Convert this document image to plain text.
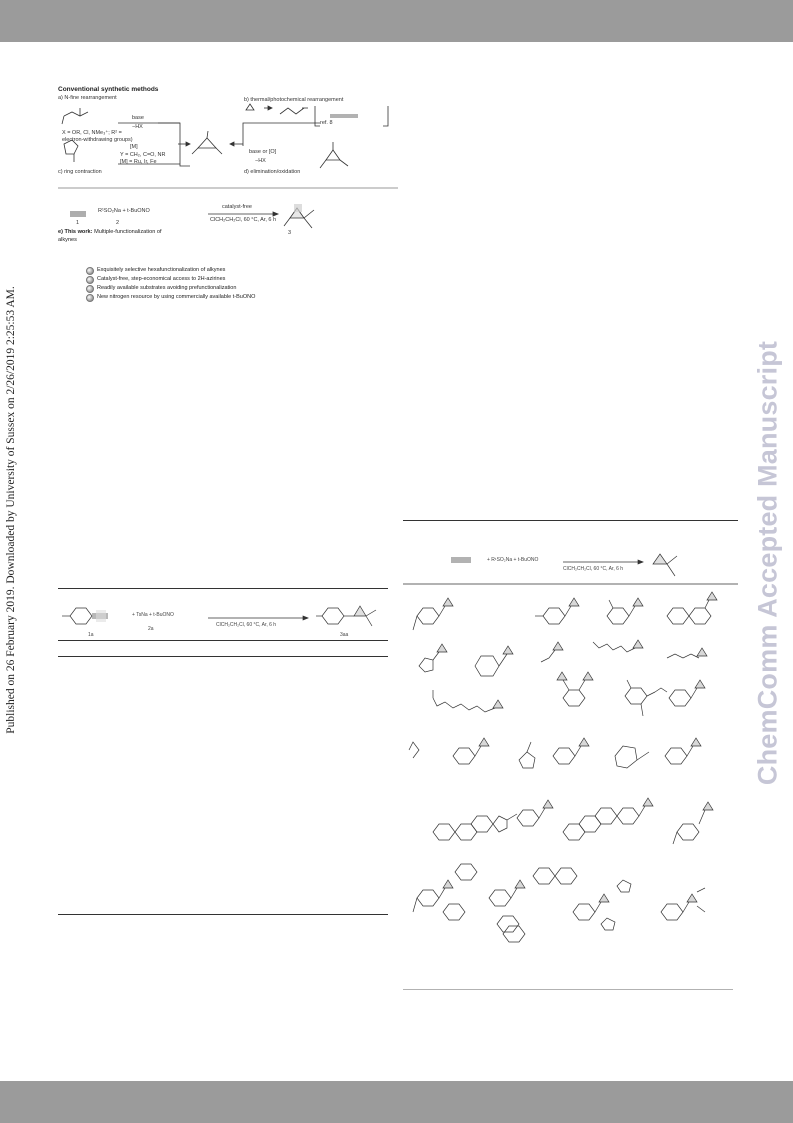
Published on 26 February 2019. Downloaded by University of Sussex on 2/26/2019 2:25:53 AM.	ChemComm Accepted Manuscript
Conventional synthetic methods
a) N-fine rearrangement
X = OR, Cl, NMe₃⁺; R² =
electron-withdrawing groups)
base
−HX
b) thermal/photochemical rearrangement
ref. 8
c) ring contraction
[M]
Y = CH₂, C=O, NR
[M] = Ru, Ir, Fe
base or [O]
−HX
d) elimination/oxidation
e) This work: Multiple-functionalization of
alkynes
R¹SO₂Na + t-BuONO
1	2
3
catalyst-free
ClCH₂CH₂Cl, 60 °C, Ar, 6 h
Exquisitely selective hexafunctionalization of alkynes
Catalyst-free, step-economical access to 2H-azirines
Readily available substrates avoiding prefunctionalization
New nitrogen resource by using commercially available t-BuONO
+ TsNa + t-BuONO
ClCH₂CH₂Cl, 60 °C, Ar, 6 h
1a
2a
3aa
+ R¹SO₂Na + t-BuONO
ClCH₂CH₂Cl, 60 °C, Ar, 6 h
